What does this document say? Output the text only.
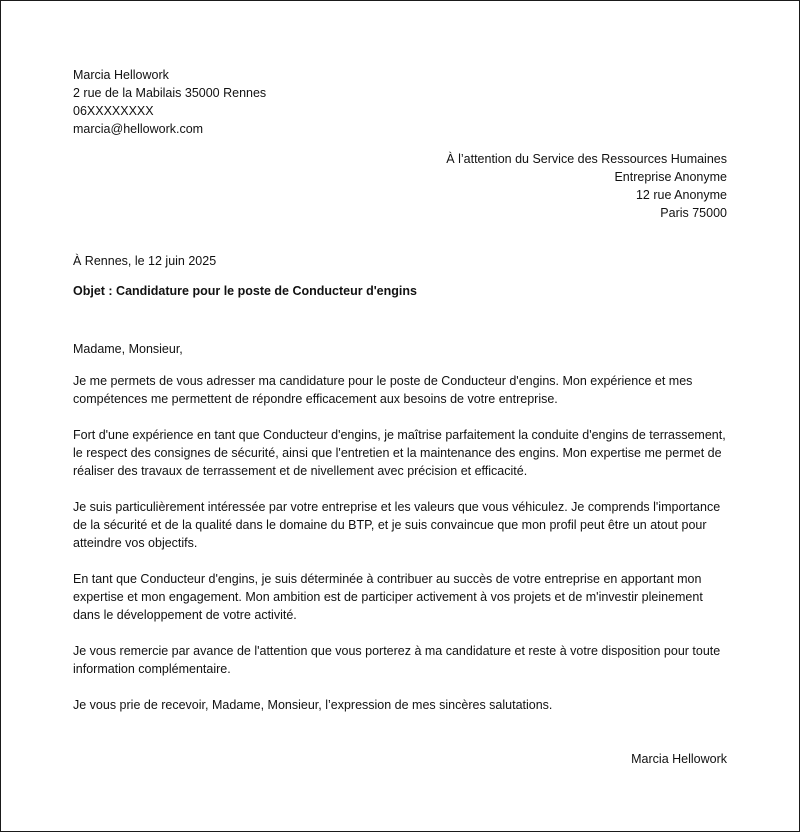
Marcia Hellowork
2 rue de la Mabilais 35000 Rennes
06XXXXXXXX
marcia@hellowork.com
À l’attention du Service des Ressources Humaines
Entreprise Anonyme
12 rue Anonyme
Paris 75000
À Rennes, le 12 juin 2025
Objet : Candidature pour le poste de Conducteur d'engins
Madame, Monsieur,
Je me permets de vous adresser ma candidature pour le poste de Conducteur d'engins. Mon expérience et mes compétences me permettent de répondre efficacement aux besoins de votre entreprise.
Fort d'une expérience en tant que Conducteur d'engins, je maîtrise parfaitement la conduite d'engins de terrassement, le respect des consignes de sécurité, ainsi que l'entretien et la maintenance des engins. Mon expertise me permet de réaliser des travaux de terrassement et de nivellement avec précision et efficacité.
Je suis particulièrement intéressée par votre entreprise et les valeurs que vous véhiculez. Je comprends l'importance de la sécurité et de la qualité dans le domaine du BTP, et je suis convaincue que mon profil peut être un atout pour atteindre vos objectifs.
En tant que Conducteur d'engins, je suis déterminée à contribuer au succès de votre entreprise en apportant mon expertise et mon engagement. Mon ambition est de participer activement à vos projets et de m'investir pleinement dans le développement de votre activité.
Je vous remercie par avance de l'attention que vous porterez à ma candidature et reste à votre disposition pour toute information complémentaire.
Je vous prie de recevoir, Madame, Monsieur, l’expression de mes sincères salutations.
Marcia Hellowork
